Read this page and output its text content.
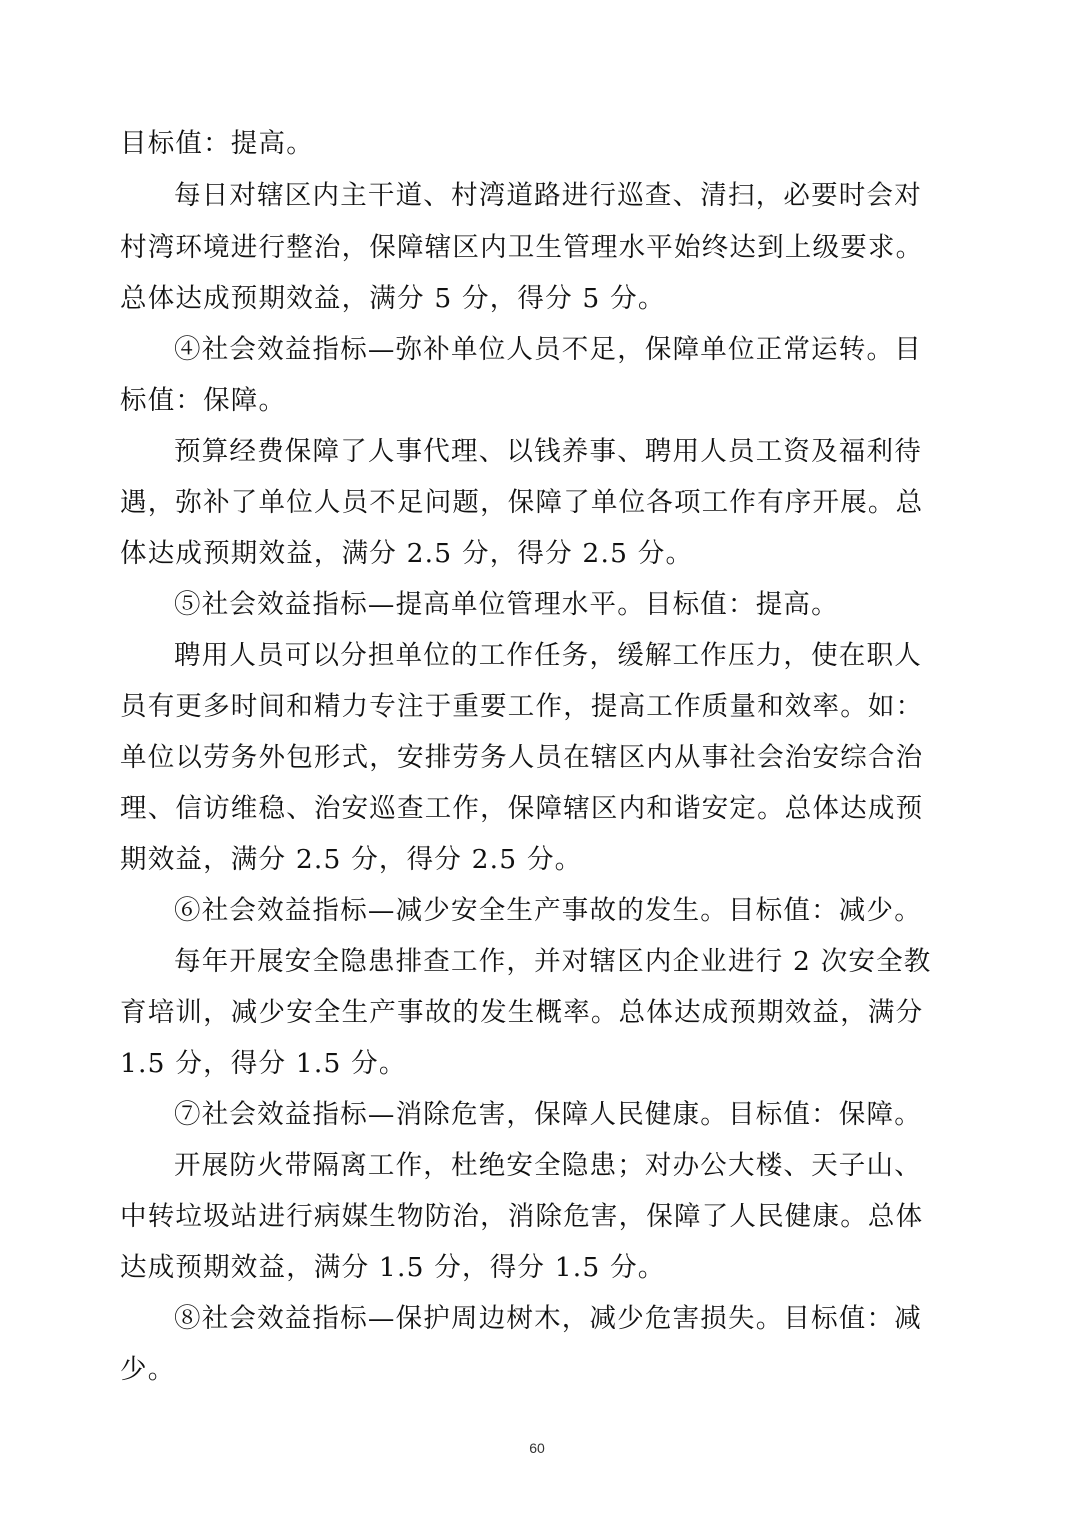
目标值：提高。
每日对辖区内主干道、村湾道路进行巡查、清扫，必要时会对
村湾环境进行整治，保障辖区内卫生管理水平始终达到上级要求。
总体达成预期效益，满分 5 分，得分 5 分。
④社会效益指标—弥补单位人员不足，保障单位正常运转。目
标值：保障。
预算经费保障了人事代理、以钱养事、聘用人员工资及福利待
遇，弥补了单位人员不足问题，保障了单位各项工作有序开展。总
体达成预期效益，满分 2.5 分，得分 2.5 分。
⑤社会效益指标—提高单位管理水平。目标值：提高。
聘用人员可以分担单位的工作任务，缓解工作压力，使在职人
员有更多时间和精力专注于重要工作，提高工作质量和效率。如：
单位以劳务外包形式，安排劳务人员在辖区内从事社会治安综合治
理、信访维稳、治安巡查工作，保障辖区内和谐安定。总体达成预
期效益，满分 2.5 分，得分 2.5 分。
⑥社会效益指标—减少安全生产事故的发生。目标值：减少。
每年开展安全隐患排查工作，并对辖区内企业进行 2 次安全教
育培训，减少安全生产事故的发生概率。总体达成预期效益，满分
1.5 分，得分 1.5 分。
⑦社会效益指标—消除危害，保障人民健康。目标值：保障。
开展防火带隔离工作，杜绝安全隐患；对办公大楼、天子山、
中转垃圾站进行病媒生物防治，消除危害，保障了人民健康。总体
达成预期效益，满分 1.5 分，得分 1.5 分。
⑧社会效益指标—保护周边树木，减少危害损失。目标值：减
少。
60
